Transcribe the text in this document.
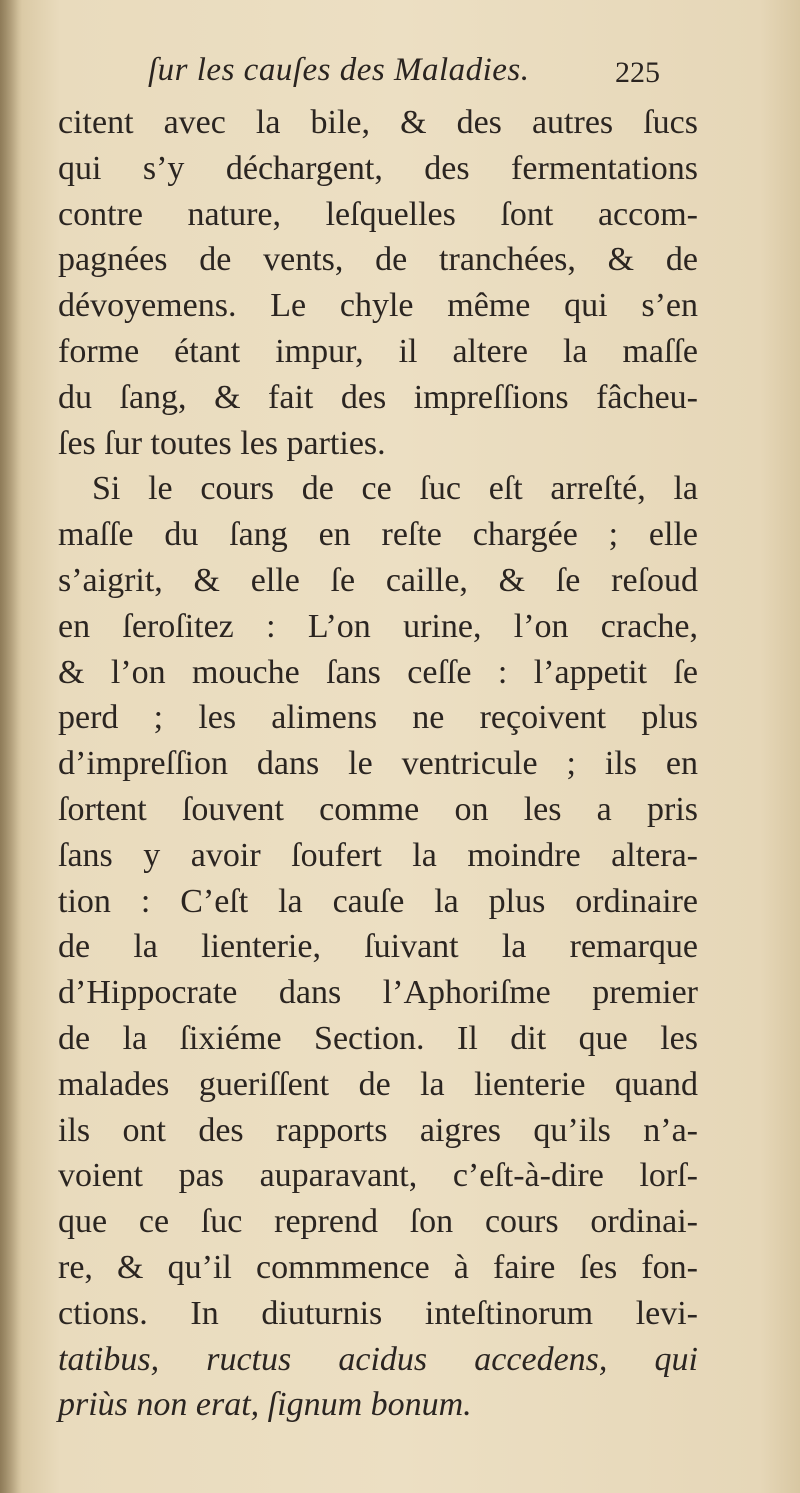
ſur les cauſes des Maladies.	225
citent avec la bile, & des autres ſucs
qui s’y déchargent, des fermentations
contre nature, leſquelles ſont accom-
pagnées de vents, de tranchées, & de
dévoyemens. Le chyle même qui s’en
forme étant impur, il altere la maſſe
du ſang, & fait des impreſſions fâcheu-
ſes ſur toutes les parties.
Si le cours de ce ſuc eſt arreſté, la
maſſe du ſang en reſte chargée ; elle
s’aigrit, & elle ſe caille, & ſe reſoud
en ſeroſitez : L’on urine, l’on crache,
& l’on mouche ſans ceſſe : l’appetit ſe
perd ; les alimens ne reçoivent plus
d’impreſſion dans le ventricule ; ils en
ſortent ſouvent comme on les a pris
ſans y avoir ſoufert la moindre altera-
tion : C’eſt la cauſe la plus ordinaire
de la lienterie, ſuivant la remarque
d’Hippocrate dans l’Aphoriſme premier
de la ſixiéme Section. Il dit que les
malades gueriſſent de la lienterie quand
ils ont des rapports aigres qu’ils n’a-
voient pas auparavant, c’eſt-à-dire lorſ-
que ce ſuc reprend ſon cours ordinai-
re, & qu’il commmence à faire ſes fon-
ctions. In diuturnis inteſtinorum levi-
tatibus, ructus acidus accedens, qui
priùs non erat, ſignum bonum.
